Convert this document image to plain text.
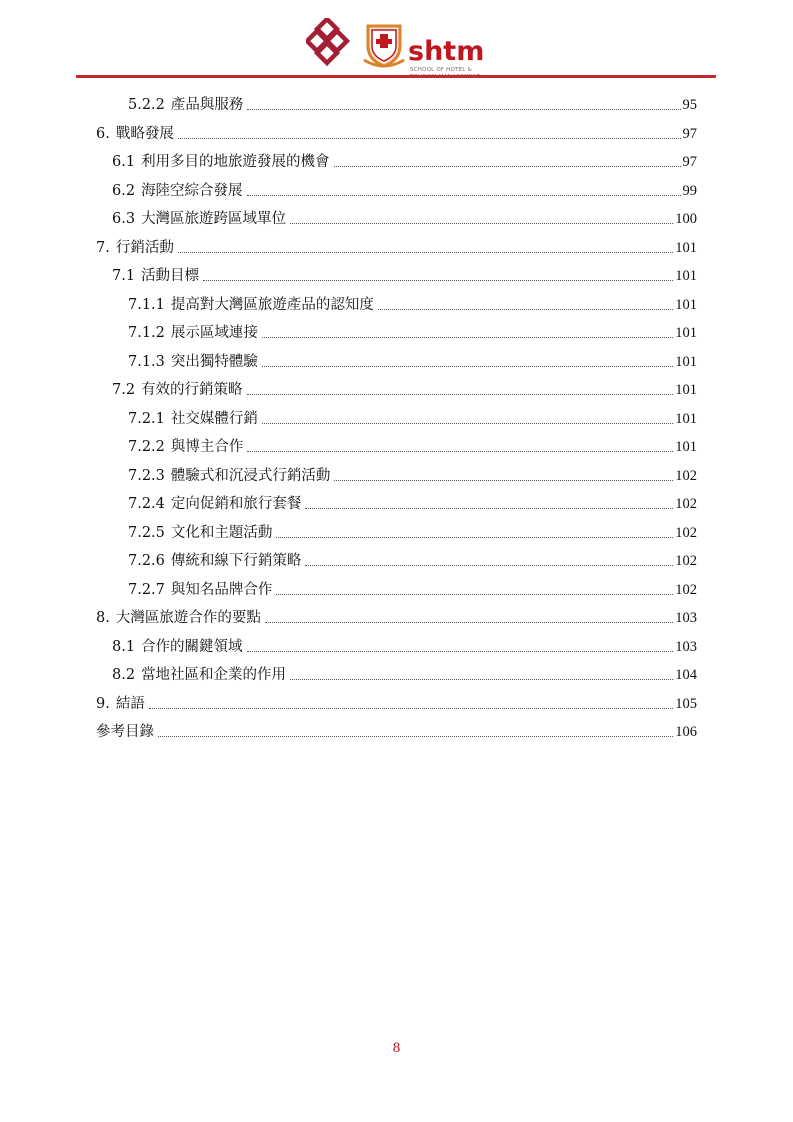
shtm
SCHOOL OF HOTEL &
5.2.2 產品與服務	95
6. 戰略發展	97
6.1 利用多目的地旅遊發展的機會	97
6.2 海陸空綜合發展	99
6.3 大灣區旅遊跨區域單位	100
7. 行銷活動	101
7.1 活動目標	101
7.1.1 提高對大灣區旅遊產品的認知度	101
7.1.2 展示區域連接	101
7.1.3 突出獨特體驗	101
7.2 有效的行銷策略	101
7.2.1 社交媒體行銷	101
7.2.2 與博主合作	101
7.2.3 體驗式和沉浸式行銷活動	102
7.2.4 定向促銷和旅行套餐	102
7.2.5 文化和主題活動	102
7.2.6 傳統和線下行銷策略	102
7.2.7 與知名品牌合作	102
8. 大灣區旅遊合作的要點	103
8.1 合作的關鍵領域	103
8.2 當地社區和企業的作用	104
9. 結語	105
參考目錄	106
8
